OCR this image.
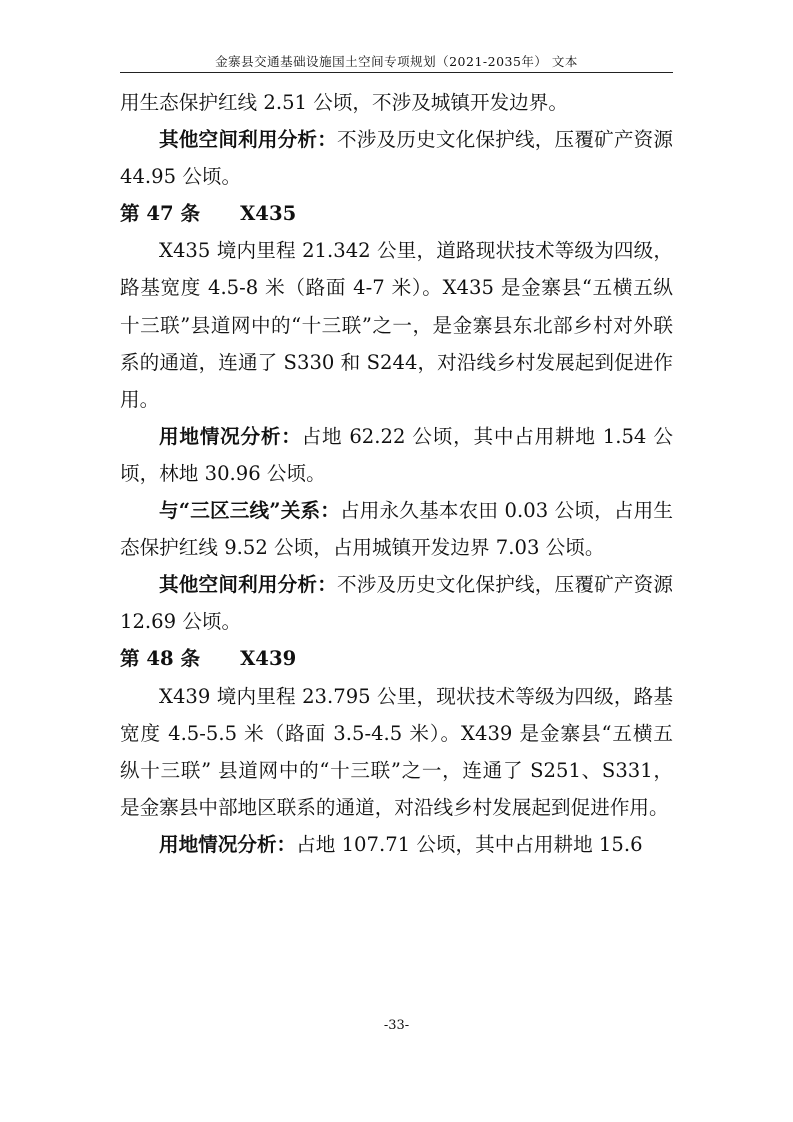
金寨县交通基础设施国土空间专项规划（2021-2035年） 文本

用生态保护红线 2.51 公顷，不涉及城镇开发边界。

其他空间利用分析：不涉及历史文化保护线，压覆矿产资源 44.95 公顷。

第 47 条 X435

X435 境内里程 21.342 公里，道路现状技术等级为四级，路基宽度 4.5-8 米（路面 4-7 米）。X435 是金寨县“五横五纵十三联”县道网中的“十三联”之一，是金寨县东北部乡村对外联系的通道，连通了 S330 和 S244，对沿线乡村发展起到促进作用。

用地情况分析：占地 62.22 公顷，其中占用耕地 1.54 公顷，林地 30.96 公顷。

与“三区三线”关系：占用永久基本农田 0.03 公顷，占用生态保护红线 9.52 公顷，占用城镇开发边界 7.03 公顷。

其他空间利用分析：不涉及历史文化保护线，压覆矿产资源 12.69 公顷。

第 48 条 X439

X439 境内里程 23.795 公里，现状技术等级为四级，路基宽度 4.5-5.5 米（路面 3.5-4.5 米）。X439 是金寨县“五横五纵十三联” 县道网中的“十三联”之一，连通了 S251、S331，是金寨县中部地区联系的通道，对沿线乡村发展起到促进作用。

用地情况分析：占地 107.71 公顷，其中占用耕地 15.6

-33-
